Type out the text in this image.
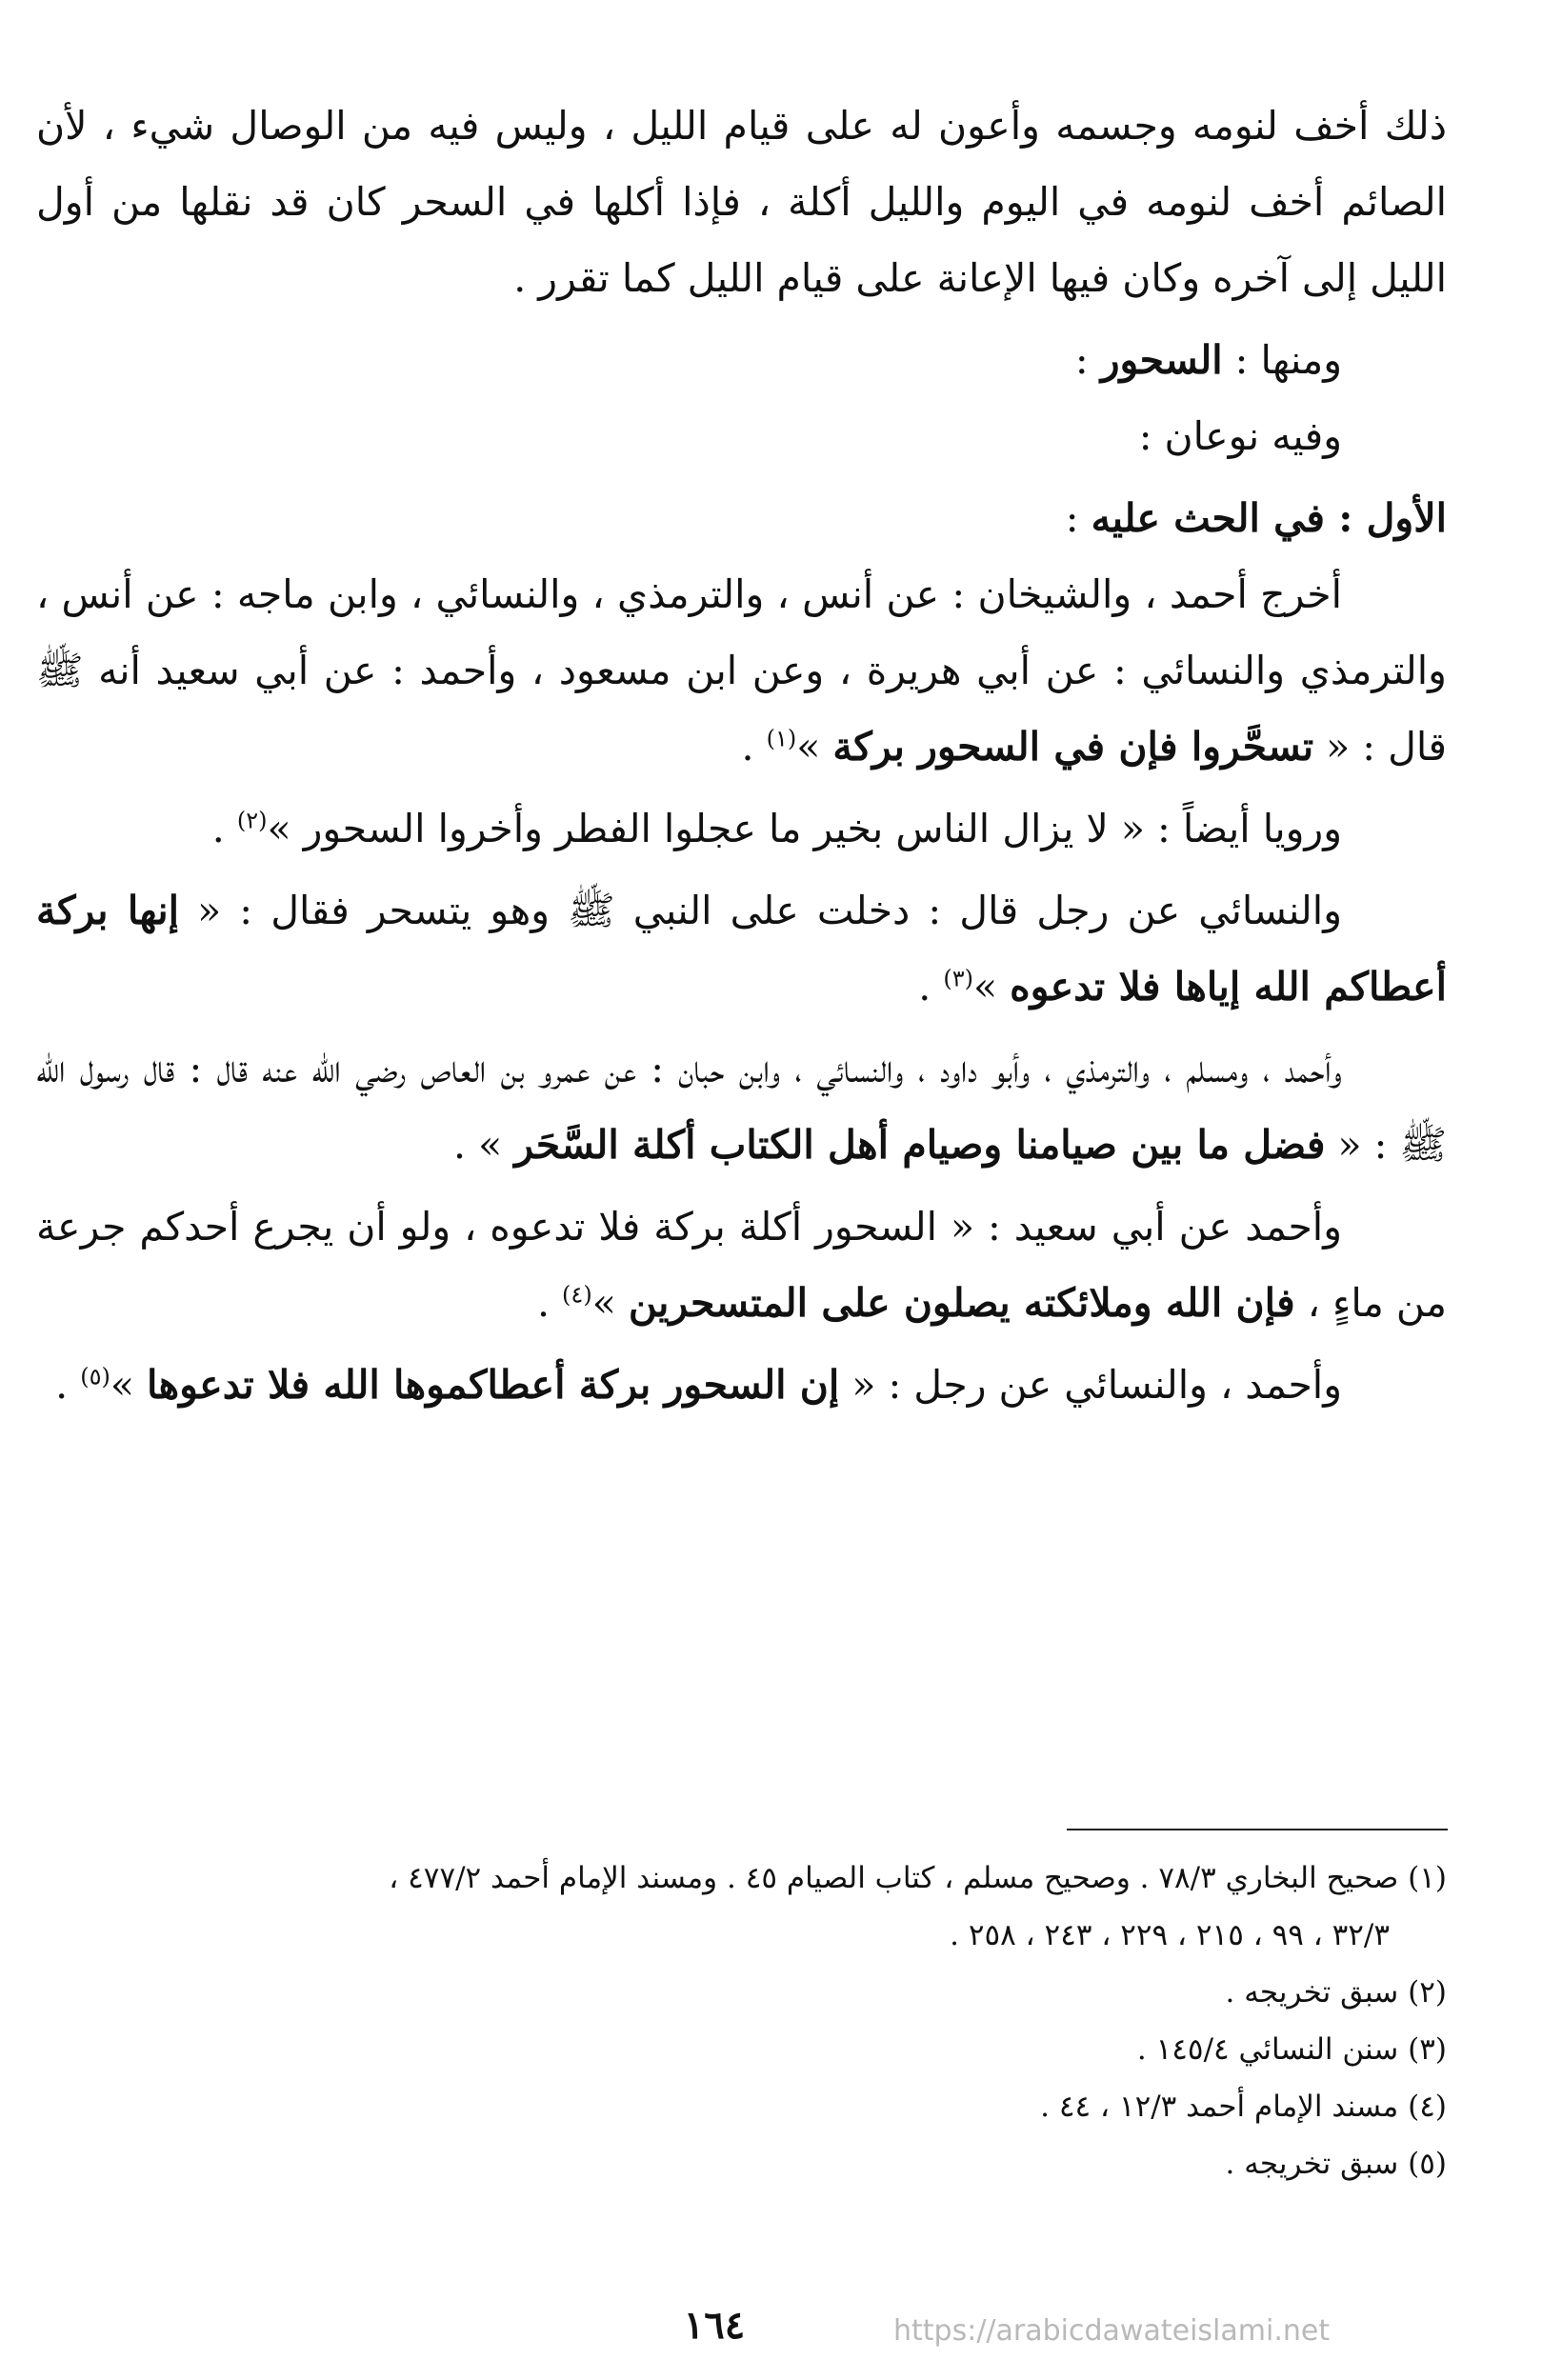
ذلك أخف لنومه وجسمه وأعون له على قيام الليل ، وليس فيه من الوصال شيء ، لأن الصائم أخف لنومه في اليوم والليل أكلة ، فإذا أكلها في السحر كان قد نقلها من أول الليل إلى آخره وكان فيها الإعانة على قيام الليل كما تقرر .

ومنها : السحور :

وفيه نوعان :

الأول : في الحث عليه :

أخرج أحمد ، والشيخان : عن أنس ، والترمذي ، والنسائي ، وابن ماجه : عن أنس ، والترمذي والنسائي : عن أبي هريرة ، وعن ابن مسعود ، وأحمد : عن أبي سعيد أنه ﷺ قال : « تسحَّروا فإن في السحور بركة »$^{(١)}$ .

ورويا أيضاً : « لا يزال الناس بخير ما عجلوا الفطر وأخروا السحور »$^{(٢)}$ .

والنسائي عن رجل قال : دخلت على النبي ﷺ وهو يتسحر فقال : « إنها بركة أعطاكم الله إياها فلا تدعوه »$^{(٣)}$ .

وأحمد ، ومسلم ، والترمذي ، وأبو داود ، والنسائي ، وابن حبان : عن عمرو بن العاص رضي الله عنه قال : قال رسول الله ﷺ : « فضل ما بين صيامنا وصيام أهل الكتاب أكلة السَّحَر » .

وأحمد عن أبي سعيد : « السحور أكلة بركة فلا تدعوه ، ولو أن يجرع أحدكم جرعة من ماءٍ ، فإن الله وملائكته يصلون على المتسحرين »$^{(٤)}$ .

وأحمد ، والنسائي عن رجل : « إن السحور بركة أعطاكموها الله فلا تدعوها »$^{(٥)}$ .

(١) صحيح البخاري ٧٨/٣ . وصحيح مسلم ، كتاب الصيام ٤٥ . ومسند الإمام أحمد ٤٧٧/٢ ،

٣٢/٣ ، ٩٩ ، ٢١٥ ، ٢٢٩ ، ٢٤٣ ، ٢٥٨ .

(٢) سبق تخريجه .

(٣) سنن النسائي ١٤٥/٤ .

(٤) مسند الإمام أحمد ١٢/٣ ، ٤٤ .

(٥) سبق تخريجه .

١٦٤	https://arabicdawateislami.net
